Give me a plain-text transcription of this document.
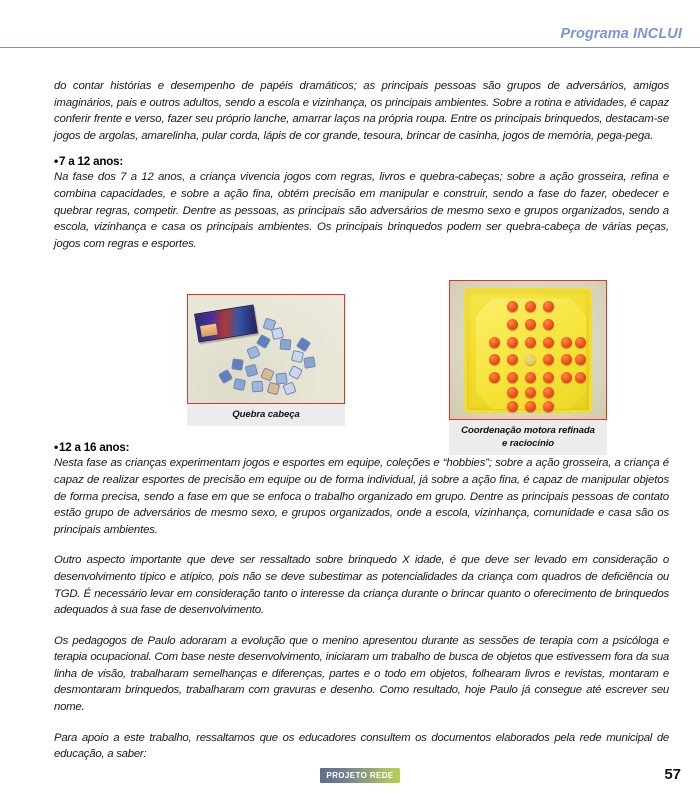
Programa INCLUI

do contar histórias e desempenho de papéis dramáticos; as principais pessoas são grupos de adversários, amigos imaginários, pais e outros adultos, sendo a escola e vizinhança, os principais ambientes. Sobre a rotina e atividades, é capaz conferir frente e verso, fazer seu próprio lanche, amarrar laços na própria roupa. Entre os principais brinquedos, destacam-se jogos de argolas, amarelinha, pular corda, lápis de cor grande, tesoura, brincar de casinha, jogos de memória, pega-pega.

•7 a 12 anos:

Na fase dos 7 a 12 anos, a criança vivencia jogos com regras, livros e quebra-cabeças; sobre a ação grosseira, refina e combina capacidades, e sobre a ação fina, obtém precisão em manipular e construir, sendo a fase do fazer, obedecer e quebrar regras, competir. Dentre as pessoas, as principais são adversários de mesmo sexo e grupos organizados, sendo a escola, vizinhança e casa os principais ambientes. Os principais brinquedos podem ser quebra-cabeça de várias peças, jogos com regras e esportes.

Quebra cabeça
Coordenação motora refinada
e raciocínio
•12 a 16 anos:

Nesta fase as crianças experimentam jogos e esportes em equipe, coleções e “hobbies”; sobre a ação grosseira, a criança é capaz de realizar esportes de precisão em equipe ou de forma individual, já sobre a ação fina, é capaz de manipular objetos de forma precisa, sendo a fase em que se enfoca o trabalho organizado em grupo. Dentre as principais pessoas de contato estão grupo de adversários de mesmo sexo, e grupos organizados, onde a escola, vizinhança, comunidade e casa são os principais ambientes.

Outro aspecto importante que deve ser ressaltado sobre brinquedo X idade, é que deve ser levado em consideração o desenvolvimento típico e atípico, pois não se deve subestimar as potencialidades da criança com quadros de deficiência ou TGD. É necessário levar em consideração tanto o interesse da criança durante o brincar quanto o oferecimento de brinquedos adequados à sua fase de desenvolvimento.

Os pedagogos de Paulo adoraram a evolução que o menino apresentou durante as sessões de terapia com a psicóloga e terapia ocupacional. Com base neste desenvolvimento, iniciaram um trabalho de busca de objetos que estivessem fora da sua linha de visão, trabalharam semelhanças e diferenças, partes e o todo em objetos, folhearam livros e revistas, montaram e desmontaram brinquedos, trabalharam com gravuras e desenho. Como resultado, hoje Paulo já consegue até escrever seu nome.

Para apoio a este trabalho, ressaltamos que os educadores consultem os documentos elaborados pela rede municipal de educação, a saber:

PROJETO REDE	57
